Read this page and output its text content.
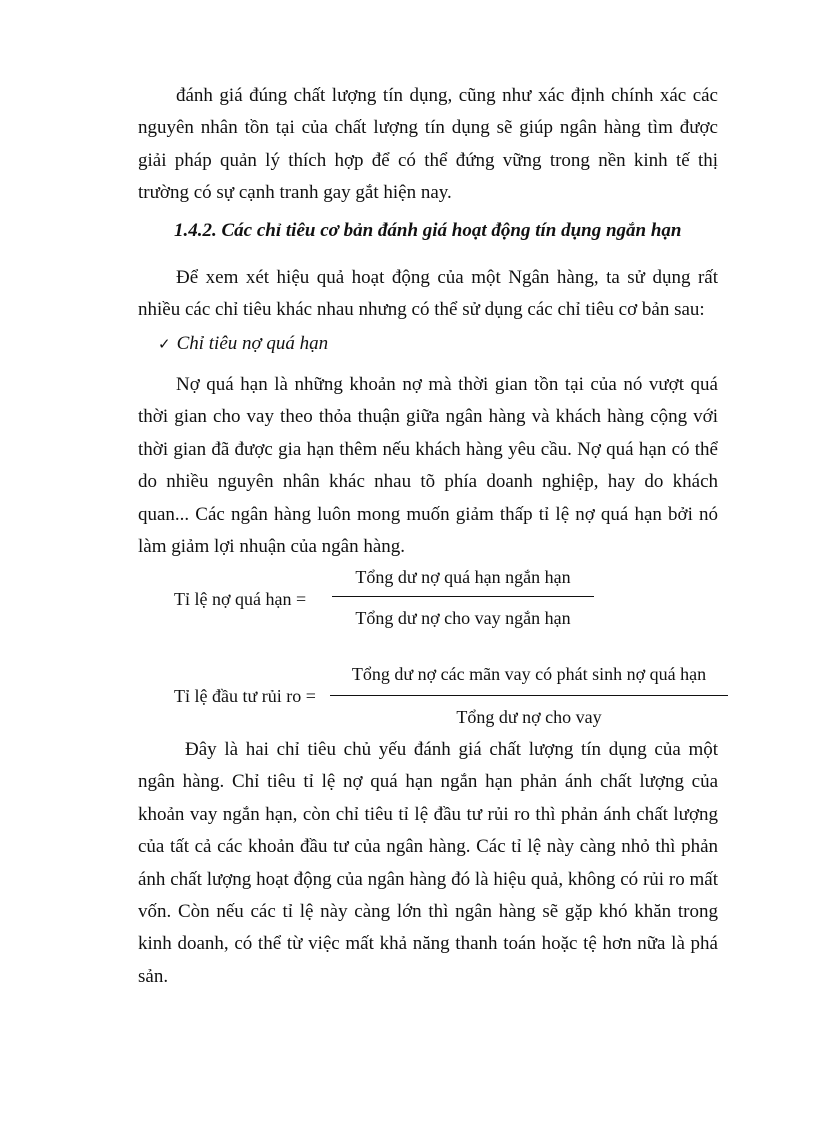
đánh giá đúng chất lượng tín dụng, cũng như xác định chính xác các nguyên nhân tồn tại của chất lượng tín dụng sẽ giúp ngân hàng tìm được giải pháp quản lý thích hợp để có thể đứng vững trong nền kinh tế thị trường có sự cạnh tranh gay gắt hiện nay.

1.4.2. Các chỉ tiêu cơ bản đánh giá hoạt động tín dụng ngắn hạn

Để xem xét hiệu quả hoạt động của một Ngân hàng, ta sử dụng rất nhiều các chỉ tiêu khác nhau nhưng có thể sử dụng các chỉ tiêu cơ bản sau:

✓ Chỉ tiêu nợ quá hạn

Nợ quá hạn là những khoản nợ mà thời gian tồn tại của nó vượt quá thời gian cho vay theo thỏa thuận giữa ngân hàng và khách hàng cộng với thời gian đã được gia hạn thêm nếu khách hàng yêu cầu. Nợ quá hạn có thể do nhiều nguyên nhân khác nhau tõ phía doanh nghiệp, hay do khách quan... Các ngân hàng luôn mong muốn giảm thấp tỉ lệ nợ quá hạn bởi nó làm giảm lợi nhuận của ngân hàng.

Tỉ lệ nợ quá hạn =
Tổng dư nợ quá hạn ngắn hạn
Tổng dư nợ cho vay ngắn hạn
Tỉ lệ đầu tư rủi ro =
Tổng dư nợ các mãn vay có phát sinh nợ quá hạn
Tổng dư nợ cho vay

Đây là hai chỉ tiêu chủ yếu đánh giá chất lượng tín dụng của một ngân hàng. Chỉ tiêu tỉ lệ nợ quá hạn ngắn hạn phản ánh chất lượng của khoản vay ngắn hạn, còn chỉ tiêu tỉ lệ đầu tư rủi ro thì phản ánh chất lượng của tất cả các khoản đầu tư của ngân hàng. Các tỉ lệ này càng nhỏ thì phản ánh chất lượng hoạt động của ngân hàng đó là hiệu quả, không có rủi ro mất vốn. Còn nếu các tỉ lệ này càng lớn thì ngân hàng sẽ gặp khó khăn trong kinh doanh, có thể từ việc mất khả năng thanh toán hoặc tệ hơn nữa là phá sản.
